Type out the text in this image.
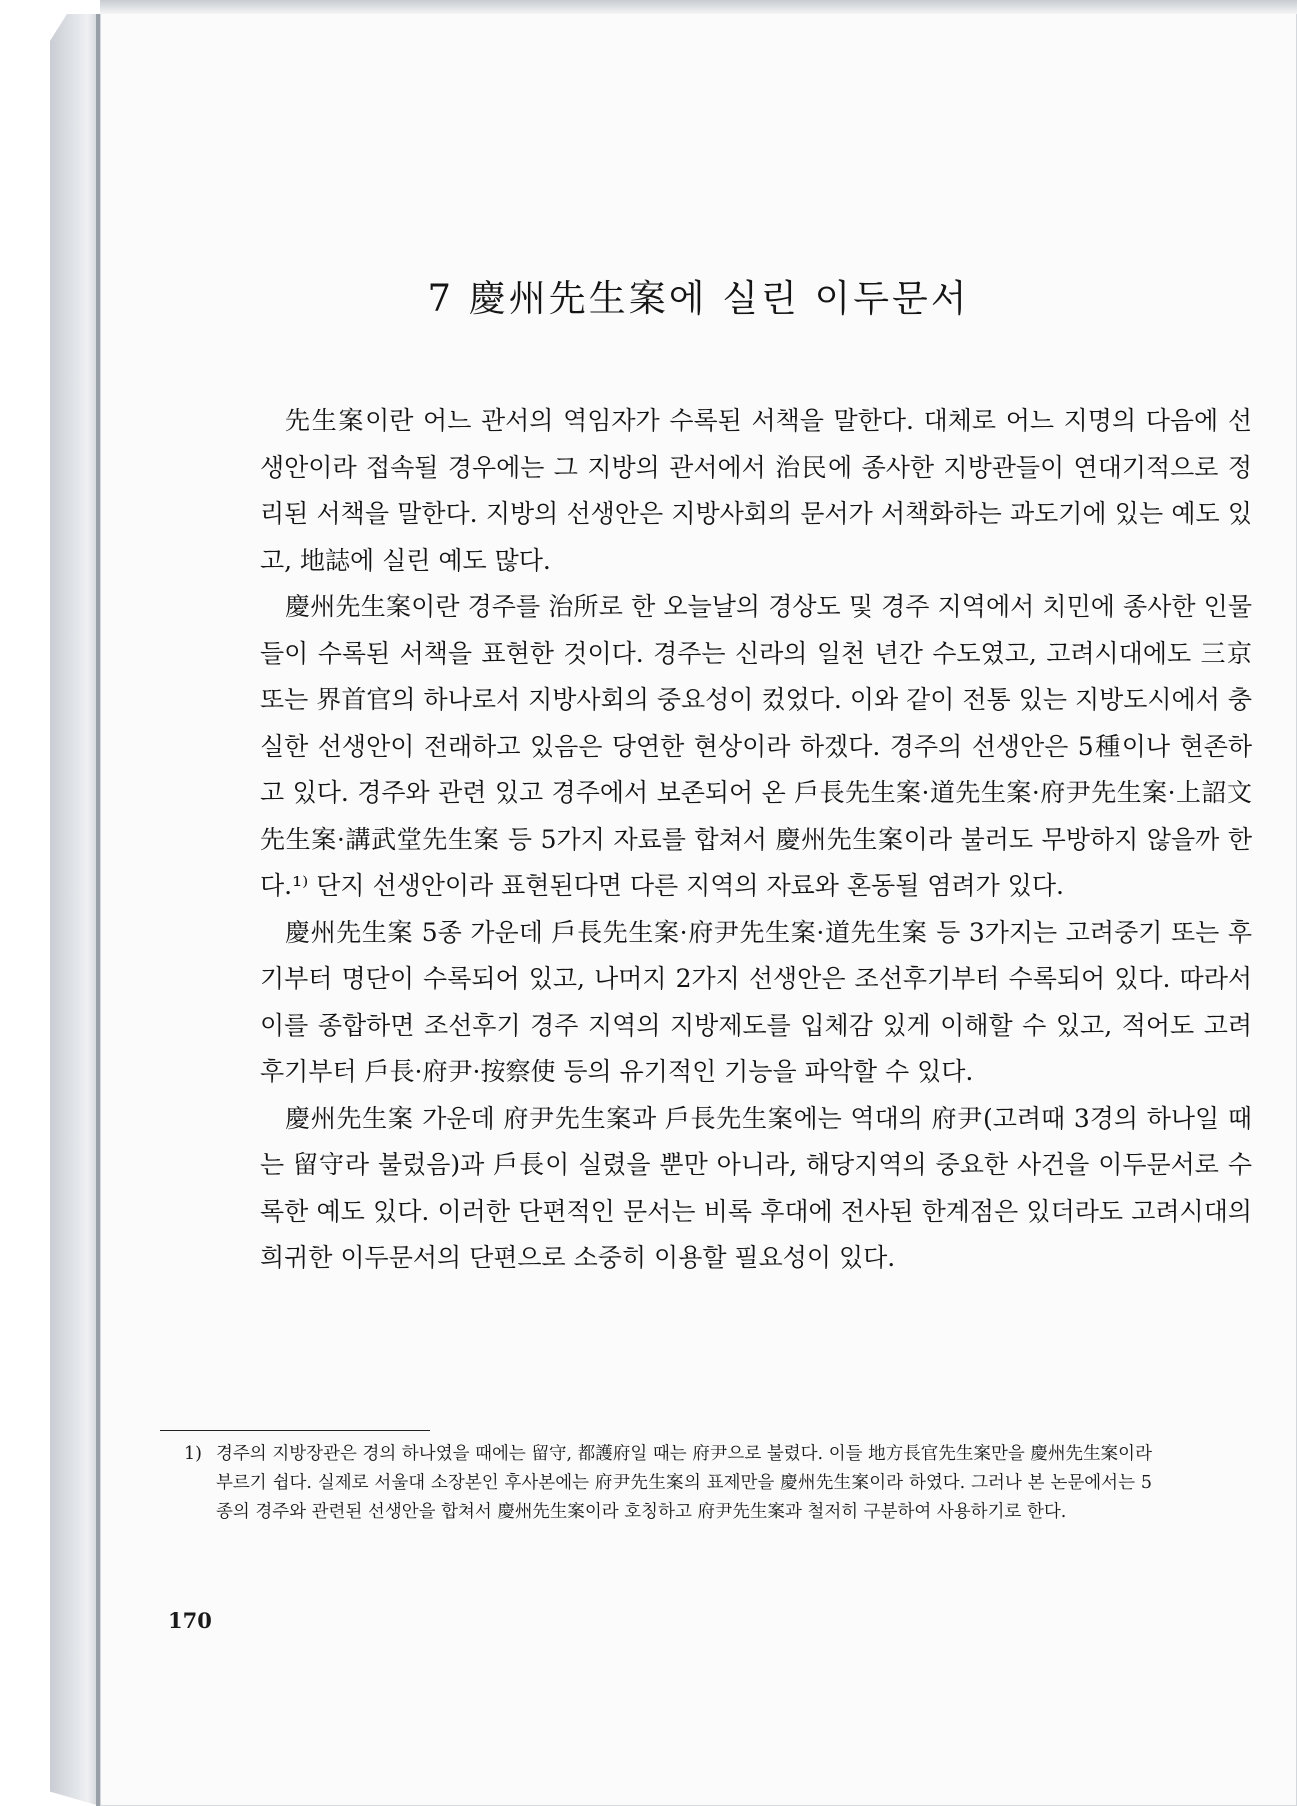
7 慶州先生案에 실린 이두문서

先生案이란 어느 관서의 역임자가 수록된 서책을 말한다. 대체로 어느 지명의 다음에 선생안이라 접속될 경우에는 그 지방의 관서에서 治民에 종사한 지방관들이 연대기적으로 정리된 서책을 말한다. 지방의 선생안은 지방사회의 문서가 서책화하는 과도기에 있는 예도 있고, 地誌에 실린 예도 많다.

慶州先生案이란 경주를 治所로 한 오늘날의 경상도 및 경주 지역에서 치민에 종사한 인물들이 수록된 서책을 표현한 것이다. 경주는 신라의 일천 년간 수도였고, 고려시대에도 三京 또는 界首官의 하나로서 지방사회의 중요성이 컸었다. 이와 같이 전통 있는 지방도시에서 충실한 선생안이 전래하고 있음은 당연한 현상이라 하겠다. 경주의 선생안은 5種이나 현존하고 있다. 경주와 관련 있고 경주에서 보존되어 온 戶長先生案·道先生案·府尹先生案·上詔文先生案·講武堂先生案 등 5가지 자료를 합쳐서 慶州先生案이라 불러도 무방하지 않을까 한다.¹⁾ 단지 선생안이라 표현된다면 다른 지역의 자료와 혼동될 염려가 있다.

慶州先生案 5종 가운데 戶長先生案·府尹先生案·道先生案 등 3가지는 고려중기 또는 후기부터 명단이 수록되어 있고, 나머지 2가지 선생안은 조선후기부터 수록되어 있다. 따라서 이를 종합하면 조선후기 경주 지역의 지방제도를 입체감 있게 이해할 수 있고, 적어도 고려후기부터 戶長·府尹·按察使 등의 유기적인 기능을 파악할 수 있다.

慶州先生案 가운데 府尹先生案과 戶長先生案에는 역대의 府尹(고려때 3경의 하나일 때는 留守라 불렀음)과 戶長이 실렸을 뿐만 아니라, 해당지역의 중요한 사건을 이두문서로 수록한 예도 있다. 이러한 단편적인 문서는 비록 후대에 전사된 한계점은 있더라도 고려시대의 희귀한 이두문서의 단편으로 소중히 이용할 필요성이 있다.

1) 경주의 지방장관은 경의 하나였을 때에는 留守, 都護府일 때는 府尹으로 불렸다. 이들 地方長官先生案만을 慶州先生案이라 부르기 쉽다. 실제로 서울대 소장본인 후사본에는 府尹先生案의 표제만을 慶州先生案이라 하였다. 그러나 본 논문에서는 5종의 경주와 관련된 선생안을 합쳐서 慶州先生案이라 호칭하고 府尹先生案과 철저히 구분하여 사용하기로 한다.
170
